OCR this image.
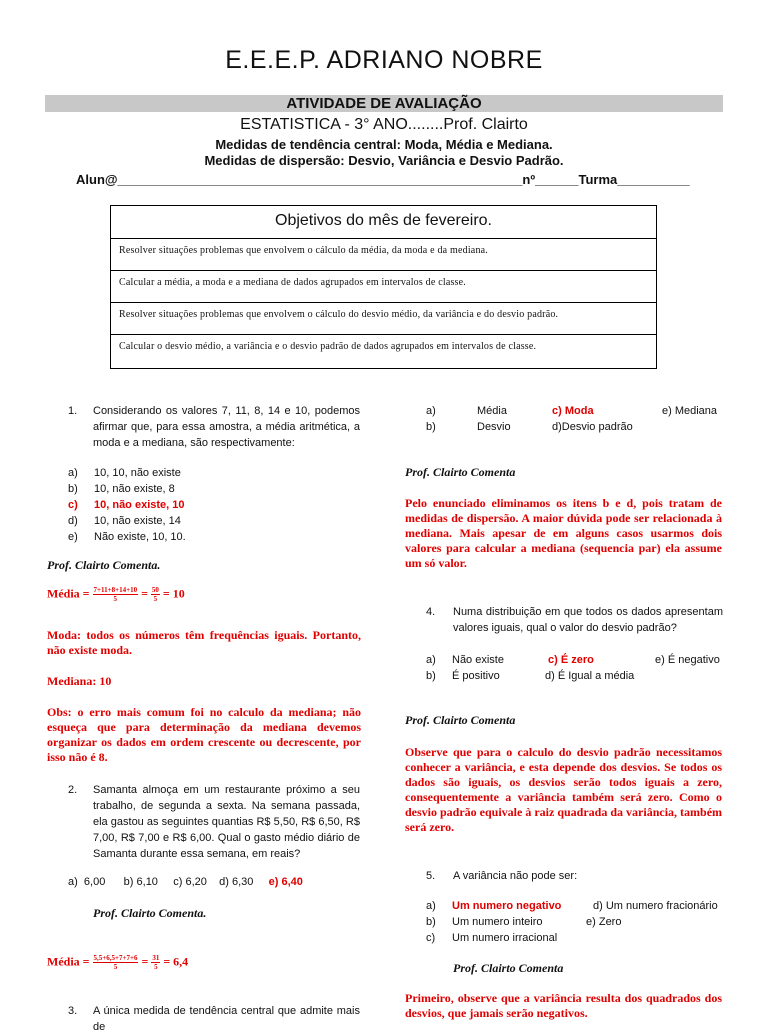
E.E.E.P. ADRIANO NOBRE
ATIVIDADE DE AVALIAÇÃO
ESTATISTICA - 3° ANO........Prof. Clairto
Medidas de tendência central: Moda, Média e Mediana.
Medidas de dispersão: Desvio, Variância e Desvio Padrão.
Alun@________________________________________________________nº______Turma__________
Objetivos do mês de fevereiro.
Resolver situações problemas que envolvem o cálculo da média, da moda e da mediana.
Calcular a média, a moda e a mediana de dados agrupados em intervalos de classe.
Resolver situações problemas que envolvem o cálculo do desvio médio, da variância e do desvio padrão.
Calcular o desvio médio, a variância e o desvio padrão de dados agrupados em intervalos de classe.
1. Considerando os valores 7, 11, 8, 14 e 10, podemos afirmar que, para essa amostra, a média aritmética, a moda e a mediana, são respectivamente:
a) 10, 10, não existe
b) 10, não existe, 8
c) 10, não existe, 10
d) 10, não existe, 14
e) Não existe, 10, 10.
Prof. Clairto Comenta.
Média = $\frac{7+11+8+14+10}{5} = \frac{50}{5} = 10$
Moda: todos os números têm frequências iguais. Portanto, não existe moda.
Mediana: 10
Obs: o erro mais comum foi no calculo da mediana; não esqueça que para determinação da mediana devemos organizar os dados em ordem crescente ou decrescente, por isso não é 8.
2. Samanta almoça em um restaurante próximo a seu trabalho, de segunda a sexta. Na semana passada, ela gastou as seguintes quantias R$ 5,50, R$ 6,50, R$ 7,00, R$ 7,00 e R$ 6,00. Qual o gasto médio diário de Samanta durante essa semana, em reais?
a) 6,00 b) 6,10 c) 6,20 d) 6,30 e) 6,40
Prof. Clairto Comenta.
Média = $\frac{5,5+6,5+7+7+6}{5} = \frac{31}{5} = 6,4$
3. A única medida de tendência central que admite mais de
a)	Média	c) Moda	e) Mediana
b)	Desvio	d)Desvio padrão
Prof. Clairto Comenta
Pelo enunciado eliminamos os itens b e d, pois tratam de medidas de dispersão. A maior dúvida pode ser relacionada à mediana. Mais apesar de em alguns casos usarmos dois valores para calcular a mediana (sequencia par) ela assume um só valor.
4. Numa distribuição em que todos os dados apresentam valores iguais, qual o valor do desvio padrão?
a) Não existe	c) É zero	e) É negativo
b) É positivo	d) É Igual a média
Prof. Clairto Comenta
Observe que para o calculo do desvio padrão necessitamos conhecer a variância, e esta depende dos desvios. Se todos os dados são iguais, os desvios serão todos iguais a zero, consequentemente a variância também será zero. Como o desvio padrão equivale à raiz quadrada da variância, também será zero.
5. A variância não pode ser:
a) Um numero negativo	d) Um numero fracionário
b) Um numero inteiro	e) Zero
c) Um numero irracional
Prof. Clairto Comenta
Primeiro, observe que a variância resulta dos quadrados dos desvios, que jamais serão negativos.
